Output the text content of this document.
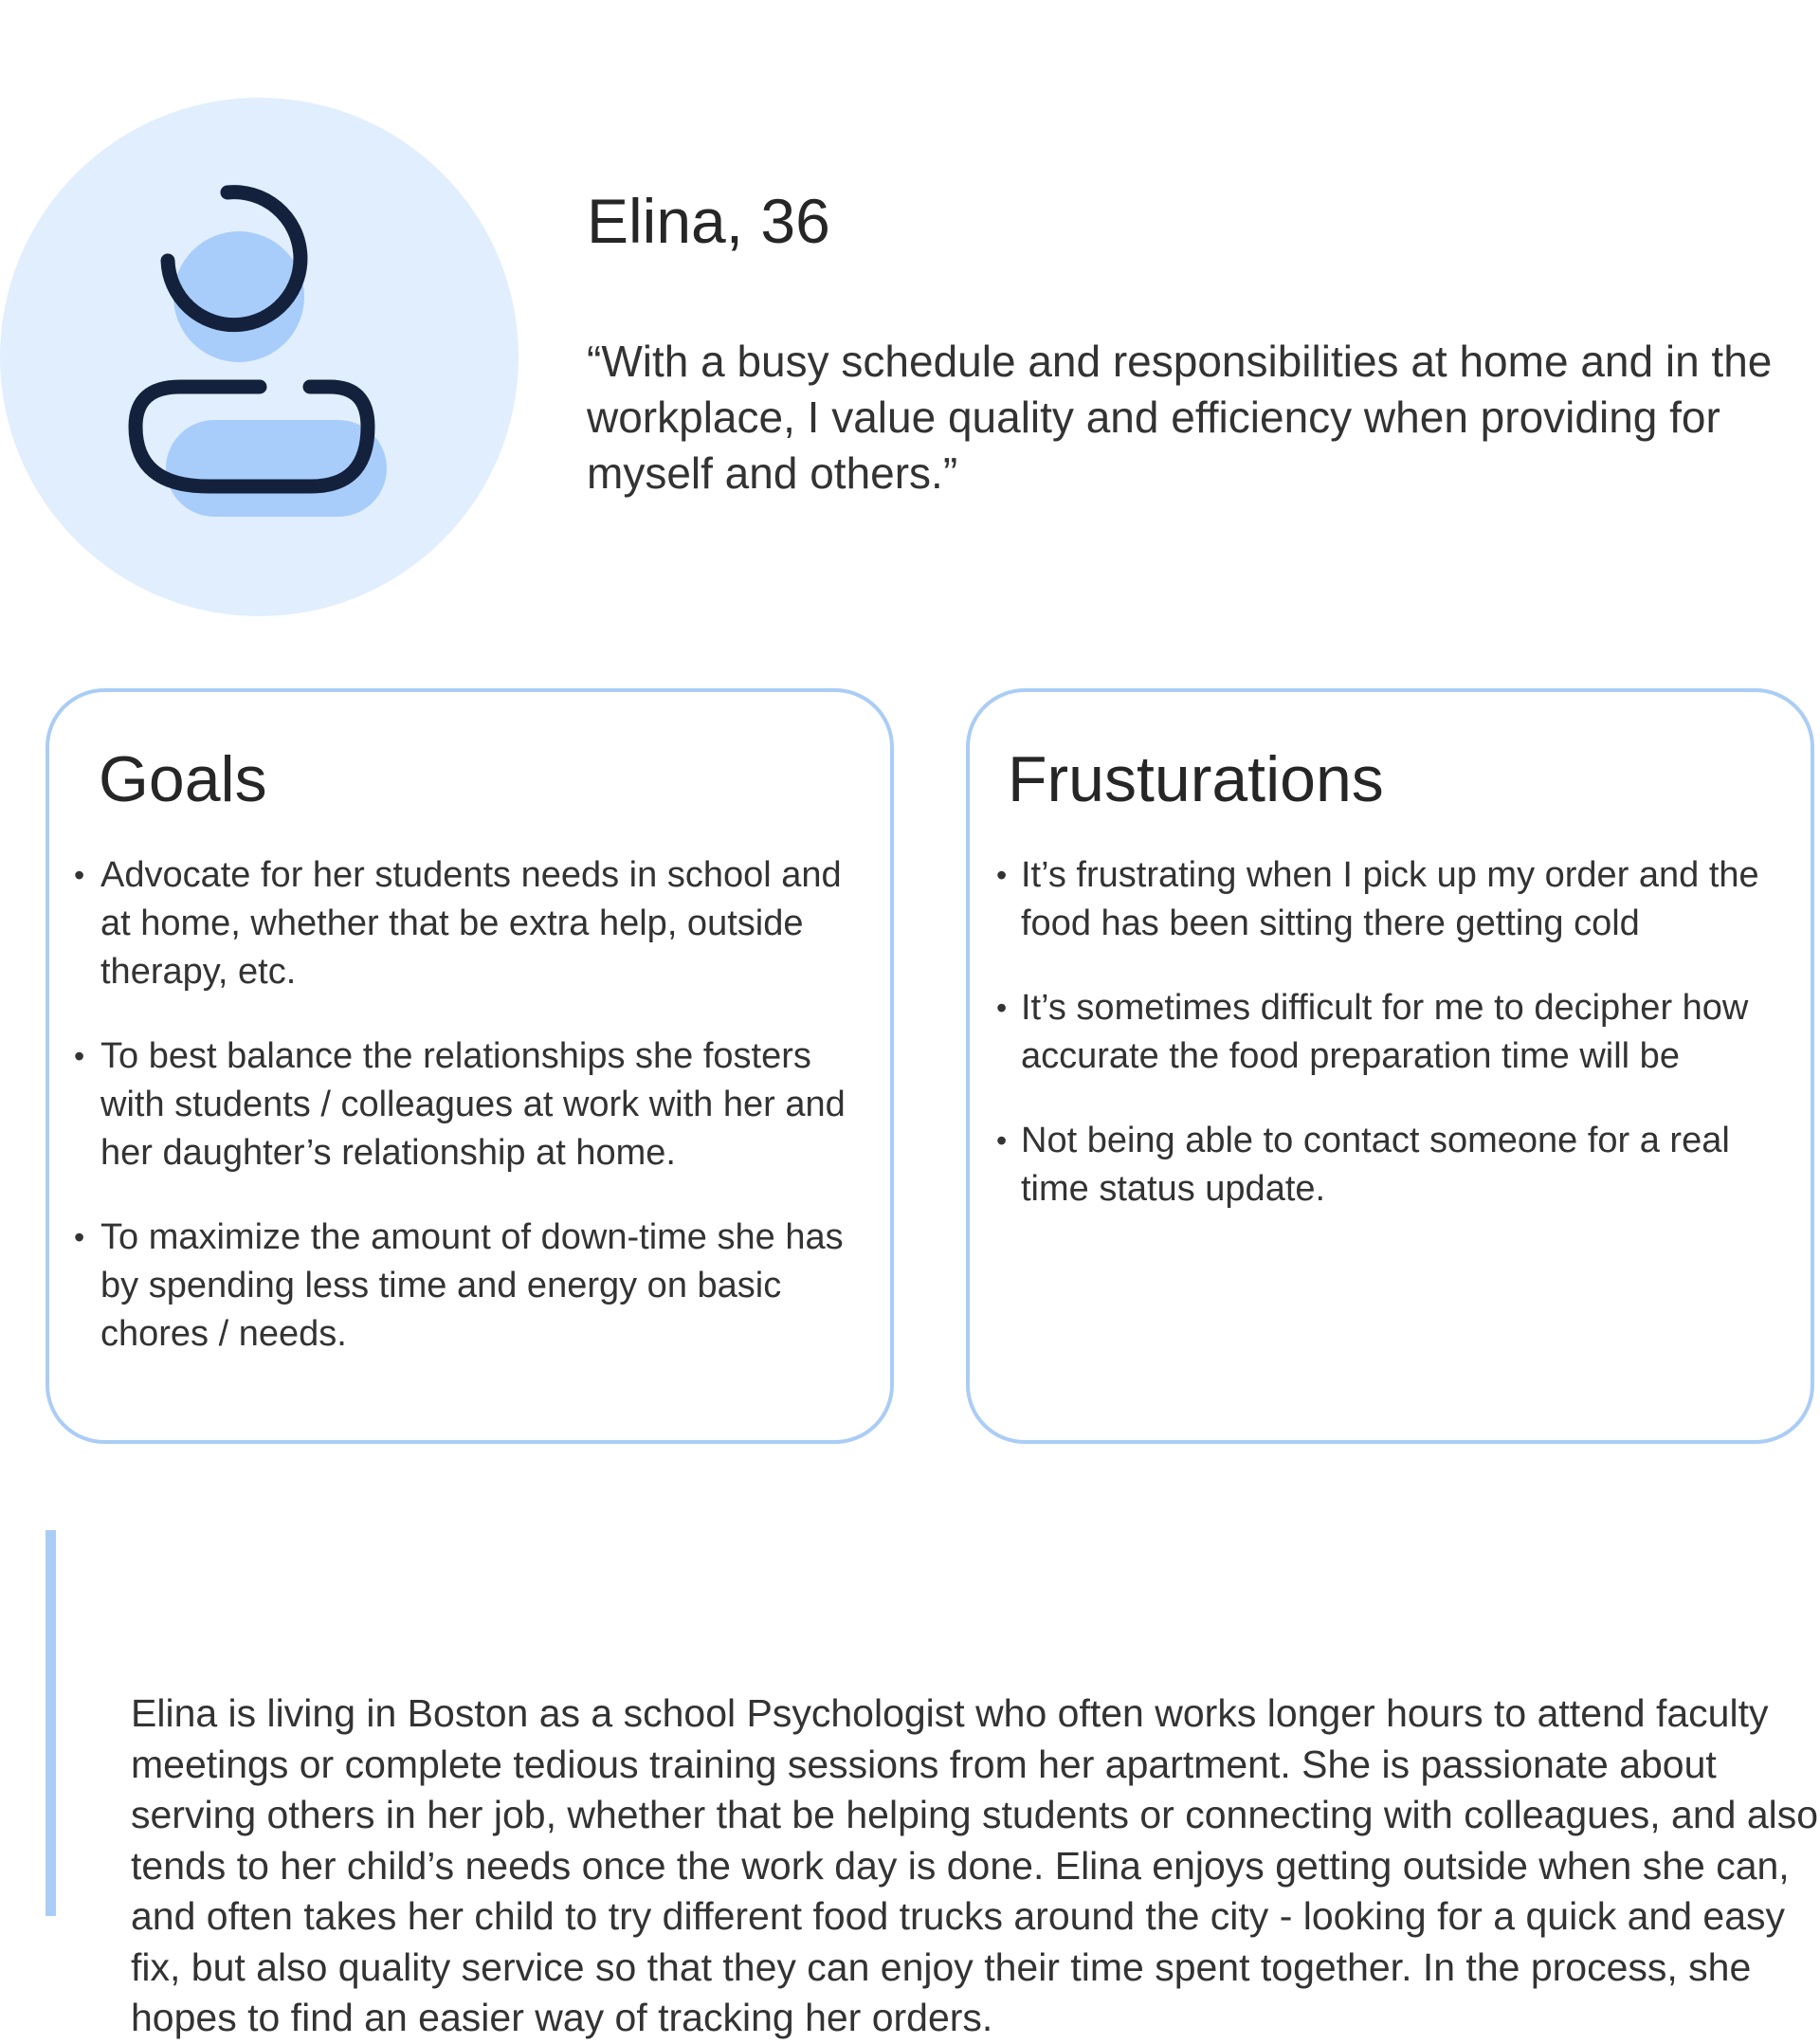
Elina, 36
“With a busy schedule and responsibilities at home and in the workplace, I value quality and efficiency when providing for myself and others.”
Goals
• Advocate for her students needs in school and at home, whether that be extra help, outside therapy, etc.
• To best balance the relationships she fosters with students / colleagues at work with her and her daughter’s relationship at home.
• To maximize the amount of down-time she has by spending less time and energy on basic chores / needs.
Frusturations
• It’s frustrating when I pick up my order and the food has been sitting there getting cold
• It’s sometimes difficult for me to decipher how accurate the food preparation time will be
• Not being able to contact someone for a real time status update.
Elina is living in Boston as a school Psychologist who often works longer hours to attend faculty meetings or complete tedious training sessions from her apartment. She is passionate about serving others in her job, whether that be helping students or connecting with colleagues, and also tends to her child’s needs once the work day is done. Elina enjoys getting outside when she can, and often takes her child to try different food trucks around the city - looking for a quick and easy fix, but also quality service so that they can enjoy their time spent together. In the process, she hopes to find an easier way of tracking her orders.
